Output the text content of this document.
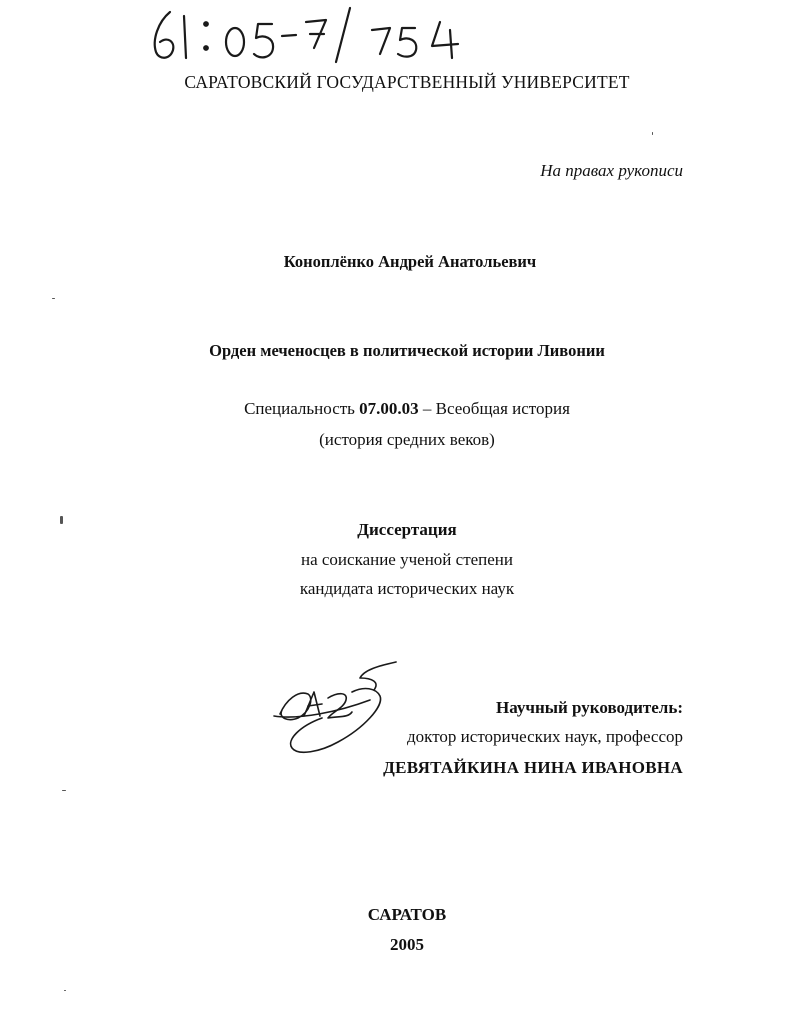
САРАТОВСКИЙ ГОСУДАРСТВЕННЫЙ УНИВЕРСИТЕТ
На правах рукописи
Коноплёнко Андрей Анатольевич
Орден меченосцев в политической истории Ливонии
Специальность 07.00.03 – Всеобщая история
(история средних веков)
Диссертация
на соискание ученой степени
кандидата исторических наук
Научный руководитель:
доктор исторических наук, профессор
ДЕВЯТАЙКИНА НИНА ИВАНОВНА
САРАТОВ
2005
